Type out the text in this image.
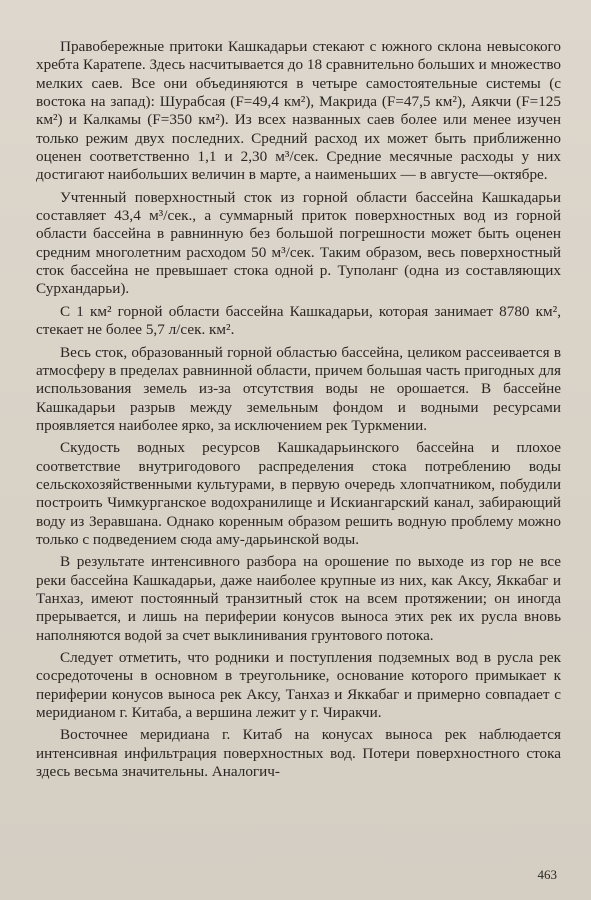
Правобережные притоки Кашкадарьи стекают с южного склона невысокого хребта Каратепе. Здесь насчитывается до 18 сравнительно больших и множество мелких саев. Все они объединяются в четыре самостоятельные системы (с востока на запад): Шурабсая (F=49,4 км²), Макрида (F=47,5 км²), Аякчи (F=125 км²) и Калкамы (F=350 км²). Из всех названных саев более или менее изучен только режим двух последних. Средний расход их может быть приближенно оценен соответственно 1,1 и 2,30 м³/сек. Средние месячные расходы у них достигают наибольших величин в марте, а наименьших — в августе—октябре.

Учтенный поверхностный сток из горной области бассейна Кашкадарьи составляет 43,4 м³/сек., а суммарный приток поверхностных вод из горной области бассейна в равнинную без большой погрешности может быть оценен средним многолетним расходом 50 м³/сек. Таким образом, весь поверхностный сток бассейна не превышает стока одной р. Туполанг (одна из составляющих Сурхандарьи).

С 1 км² горной области бассейна Кашкадарьи, которая занимает 8780 км², стекает не более 5,7 л/сек. км².

Весь сток, образованный горной областью бассейна, целиком рассеивается в атмосферу в пределах равнинной области, причем большая часть пригодных для использования земель из-за отсутствия воды не орошается. В бассейне Кашкадарьи разрыв между земельным фондом и водными ресурсами проявляется наиболее ярко, за исключением рек Туркмении.

Скудость водных ресурсов Кашкадарьинского бассейна и плохое соответствие внутригодового распределения стока потреблению воды сельскохозяйственными культурами, в первую очередь хлопчатником, побудили построить Чимкурганское водохранилище и Искиангарский канал, забирающий воду из Зеравшана. Однако коренным образом решить водную проблему можно только с подведением сюда аму-дарьинской воды.

В результате интенсивного разбора на орошение по выходе из гор не все реки бассейна Кашкадарьи, даже наиболее крупные из них, как Аксу, Яккабаг и Танхаз, имеют постоянный транзитный сток на всем протяжении; он иногда прерывается, и лишь на периферии конусов выноса этих рек их русла вновь наполняются водой за счет выклинивания грунтового потока.

Следует отметить, что родники и поступления подземных вод в русла рек сосредоточены в основном в треугольнике, основание которого примыкает к периферии конусов выноса рек Аксу, Танхаз и Яккабаг и примерно совпадает с меридианом г. Китаба, а вершина лежит у г. Чиракчи.

Восточнее меридиана г. Китаб на конусах выноса рек наблюдается интенсивная инфильтрация поверхностных вод. Потери поверхностного стока здесь весьма значительны. Аналогич-

463
